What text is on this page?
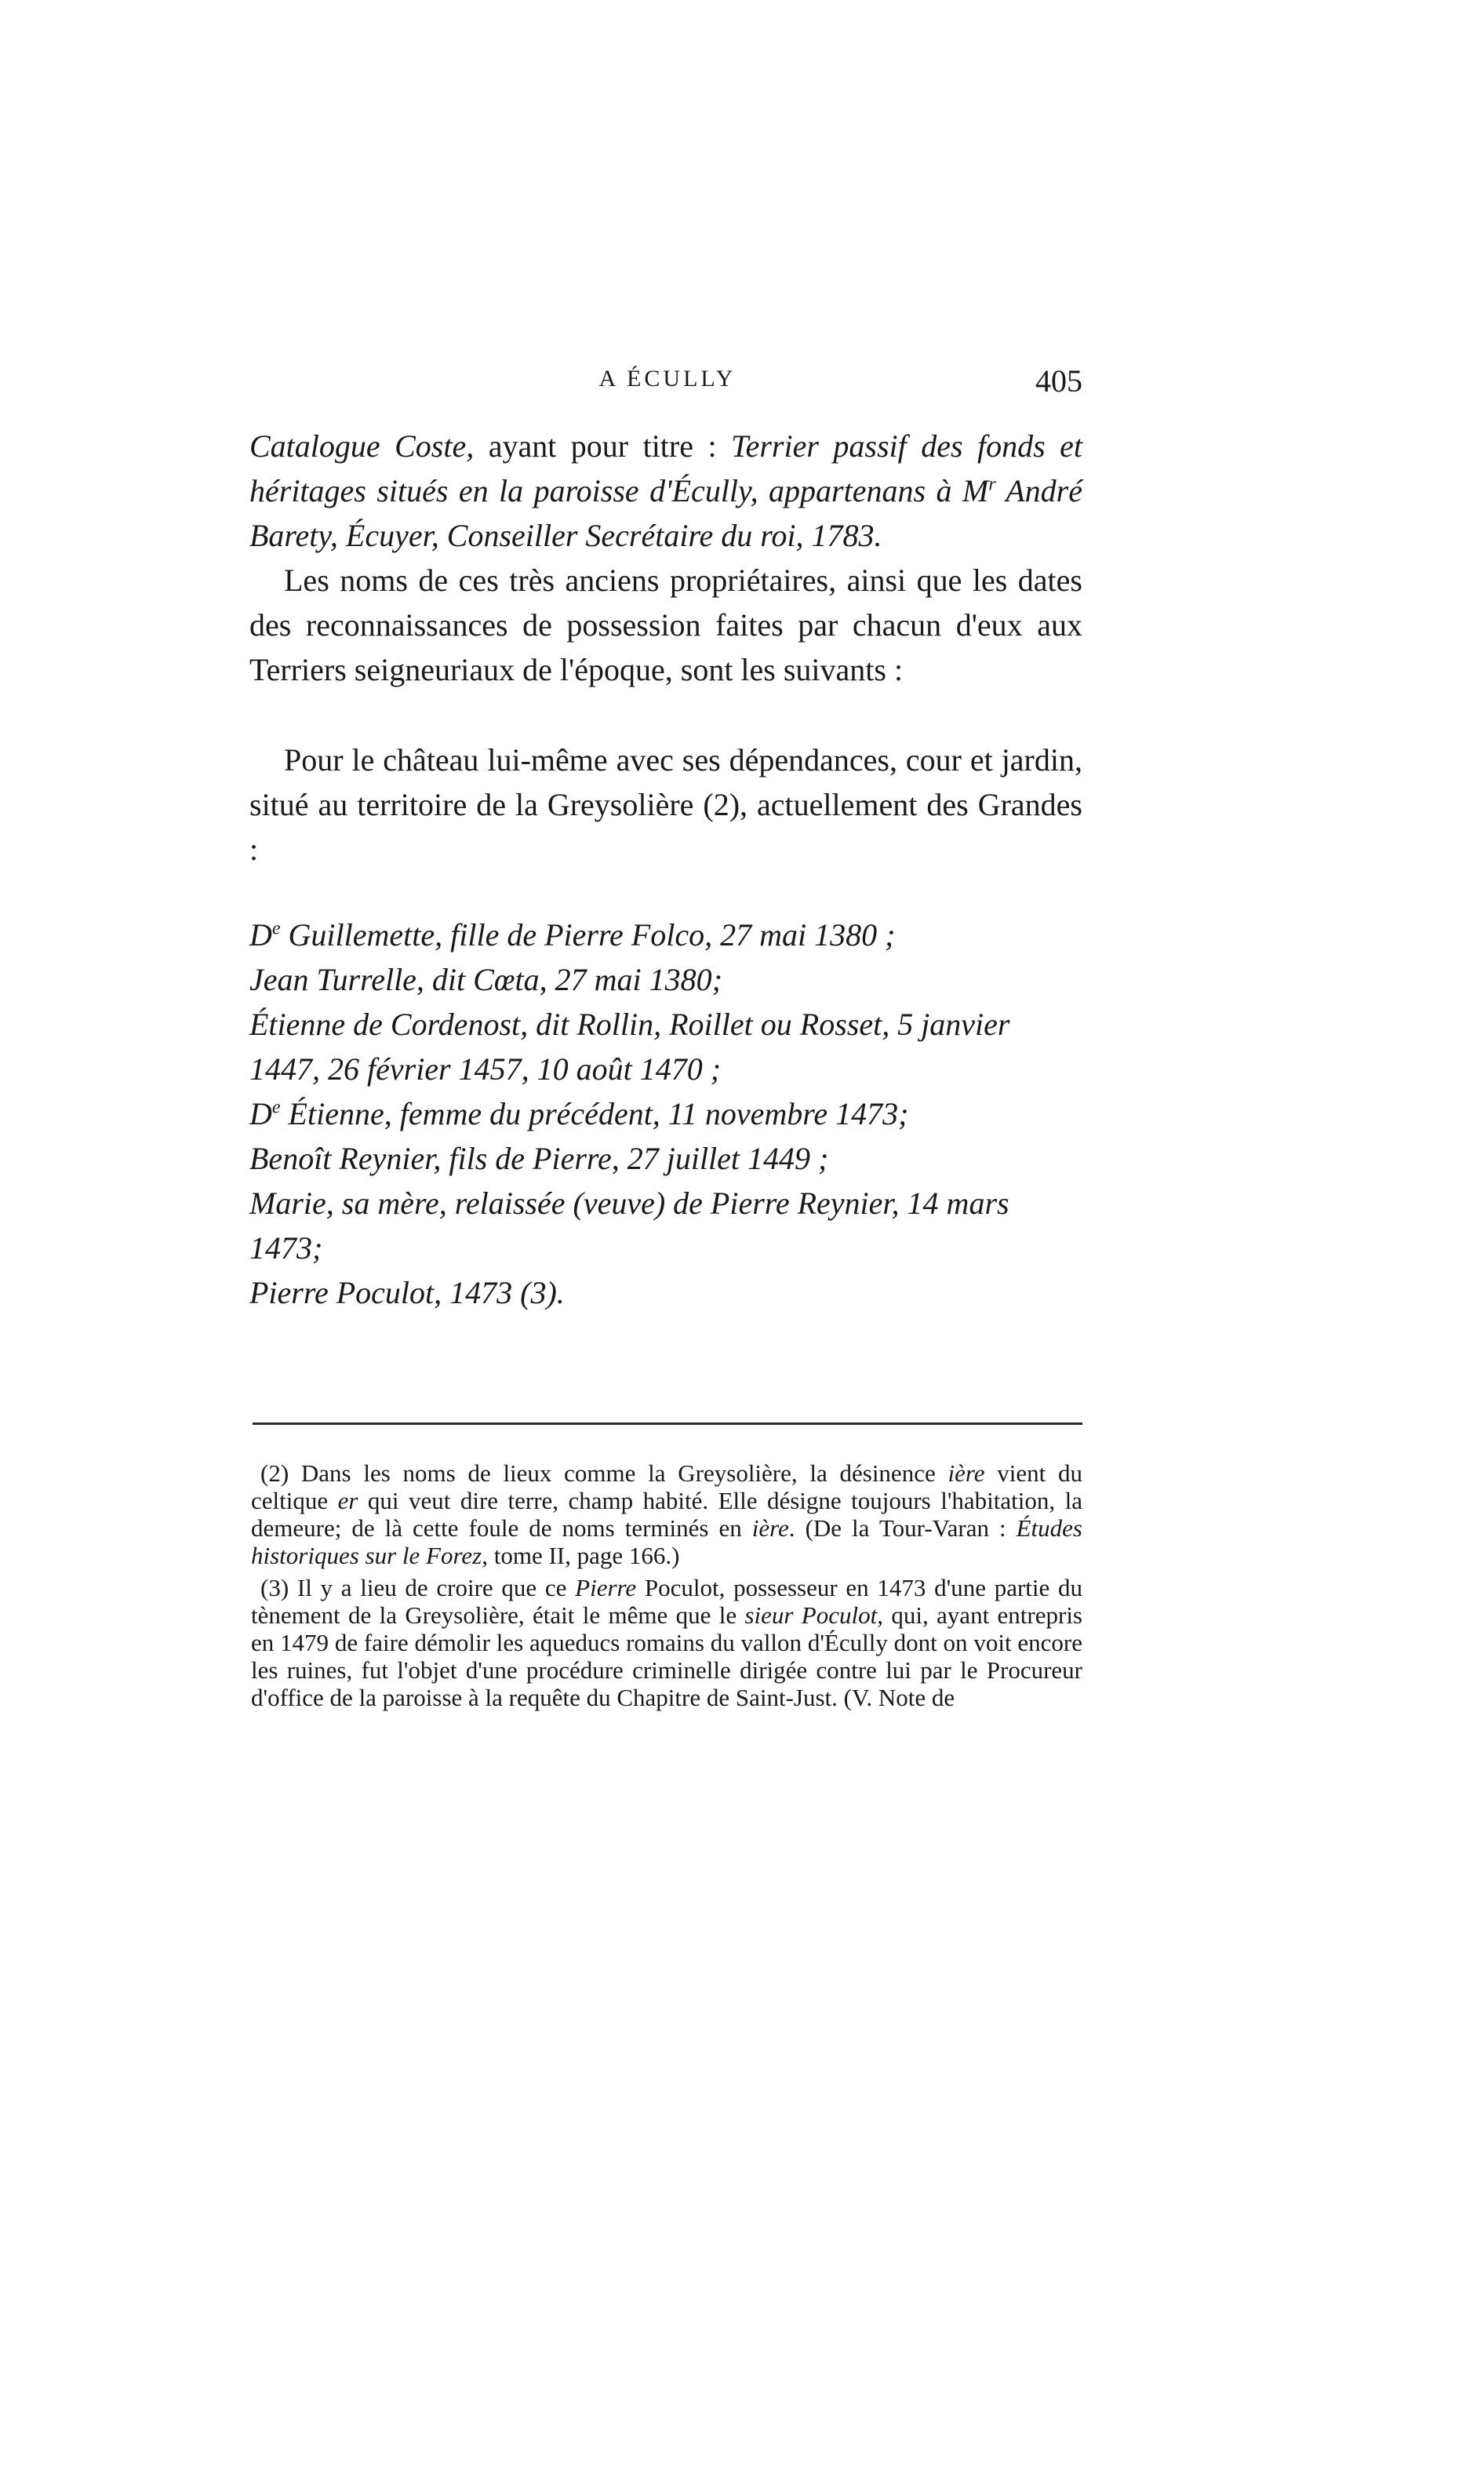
A ÉCULLY	405

Catalogue Coste, ayant pour titre : Terrier passif des fonds et héritages situés en la paroisse d'Écully, appartenans à $M^r$ André Barety, Écuyer, Conseiller Secrétaire du roi, 1783.

Les noms de ces très anciens propriétaires, ainsi que les dates des reconnaissances de possession faites par chacun d'eux aux Terriers seigneuriaux de l'époque, sont les suivants :

Pour le château lui-même avec ses dépendances, cour et jardin, situé au territoire de la Greysolière (2), actuellement des Grandes :

De Guillemette, fille de Pierre Folco, 27 mai 1380 ;

Jean Turrelle, dit Cœta, 27 mai 1380;

Étienne de Cordenost, dit Rollin, Roillet ou Rosset, 5 janvier 1447, 26 février 1457, 10 août 1470 ;

De Étienne, femme du précédent, 11 novembre 1473;

Benoît Reynier, fils de Pierre, 27 juillet 1449 ;

Marie, sa mère, relaissée (veuve) de Pierre Reynier, 14 mars 1473;

Pierre Poculot, 1473 (3).

(2) Dans les noms de lieux comme la Greysolière, la désinence ière vient du celtique er qui veut dire terre, champ habité. Elle désigne toujours l'habitation, la demeure; de là cette foule de noms terminés en ière. (De la Tour-Varan : Études historiques sur le Forez, tome II, page 166.)

(3) Il y a lieu de croire que ce Pierre Poculot, possesseur en 1473 d'une partie du tènement de la Greysolière, était le même que le sieur Poculot, qui, ayant entrepris en 1479 de faire démolir les aqueducs romains du vallon d'Écully dont on voit encore les ruines, fut l'objet d'une procédure criminelle dirigée contre lui par le Procureur d'office de la paroisse à la requête du Chapitre de Saint-Just. (V. Note de
